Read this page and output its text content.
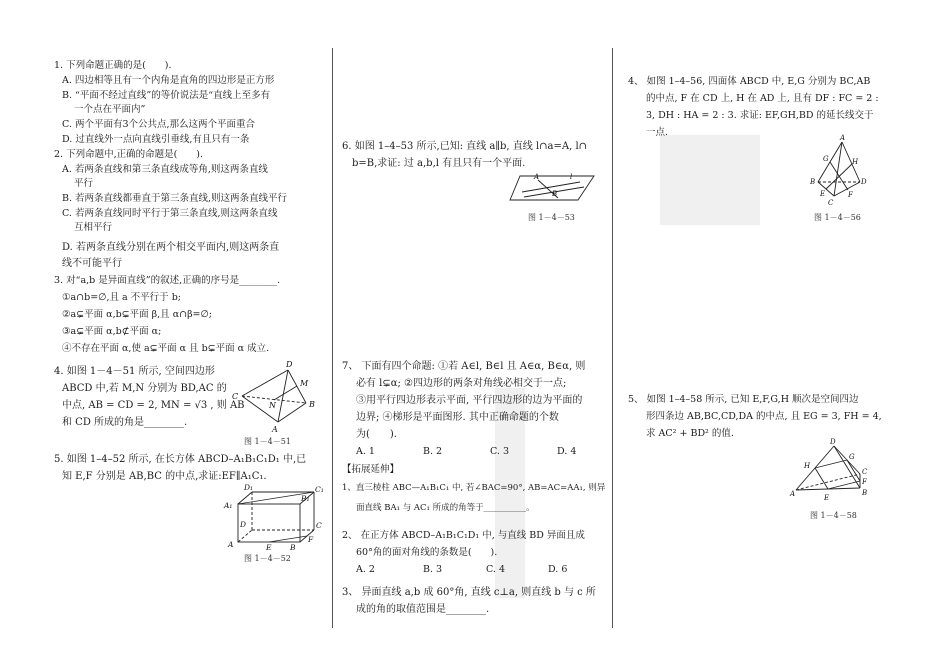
1. 下列命题正确的是(　　).
A. 四边相等且有一个内角是直角的四边形是正方形
B. “平面不经过直线”的等价说法是“直线上至多有
一个点在平面内”
C. 两个平面有3个公共点,那么这两个平面重合
D. 过直线外一点向直线引垂线,有且只有一条
2. 下列命题中,正确的命题是(　　).
A. 若两条直线和第三条直线成等角,则这两条直线
平行
B. 若两条直线都垂直于第三条直线,则这两条直线平行
C. 若两条直线同时平行于第三条直线,则这两条直线
互相平行
D. 若两条直线分别在两个相交平面内,则这两条直
线不可能平行
3. 对“a,b 是异面直线”的叙述,正确的序号是________.
①a∩b=∅,且 a 不平行于 b;
②a⊊平面 α,b⊊平面 β,且 α∩β=∅;
③a⊊平面 α,b⊄平面 α;
④不存在平面 α,使 a⊊平面 α 且 b⊊平面 α 成立.
4. 如图 1－4－51 所示, 空间四边形
ABCD 中,若 M,N 分别为 BD,AC 的
中点, AB = CD = 2, MN = √3 , 则 AB
和 CD 所成的角是________.
D
M
C
B
N
A
图 1－4－51
5. 如图 1–4–52 所示, 在长方体 ABCD–A₁B₁C₁D₁ 中,已
知 E,F 分别是 AB,BC 的中点,求证:EF∥A₁C₁.
D₁	C₁
A₁
B₁
D	C
A	E B
F
图 1－4－52
6. 如图 1–4–53 所示,已知: 直线 a∥b, 直线 l∩a=A, l∩
b=B,求证: 过 a,b,l 有且只有一个平面.
A
B
l
图 1－4－53
7、 下面有四个命题: ①若 A∈l, B∈l 且 A∈α, B∈α, 则
必有 l⊊α; ②四边形的两条对角线必相交于一点;
③用平行四边形表示平面, 平行四边形的边为平面的
边界; ④梯形是平面图形. 其中正确命题的个数
为(　　).
A. 1	B. 2	C. 3	D. 4
【拓展延伸】
1、直三棱柱 ABC—A₁B₁C₁ 中, 若∠BAC=90°, AB=AC=AA₁, 则异
面直线 BA₁ 与 AC₁ 所成的角等于__________。
2、 在正方体 ABCD–A₁B₁C₁D₁ 中, 与直线 BD 异面且成
60°角的面对角线的条数是(　　).
A. 2	B. 3	C. 4	D. 6
3、 异面直线 a,b 成 60°角, 直线 c⊥a, 则直线 b 与 c 所
成的角的取值范围是________.
4、 如图 1–4–56, 四面体 ABCD 中, E,G 分别为 BC,AB
的中点, F 在 CD 上, H 在 AD 上, 且有 DF : FC = 2 :
3, DH : HA = 2 : 3. 求证: EF,GH,BD 的延长线交于
一点.	A
G	H
B	D
C
E	F
图 1－4－56
5、 如图 1–4–58 所示, 已知 E,F,G,H 顺次是空间四边
形四条边 AB,BC,CD,DA 的中点, 且 EG = 3, FH = 4,
求 AC² + BD² 的值.
D
H
G
C
A
F
E
B
图 1－4－58
